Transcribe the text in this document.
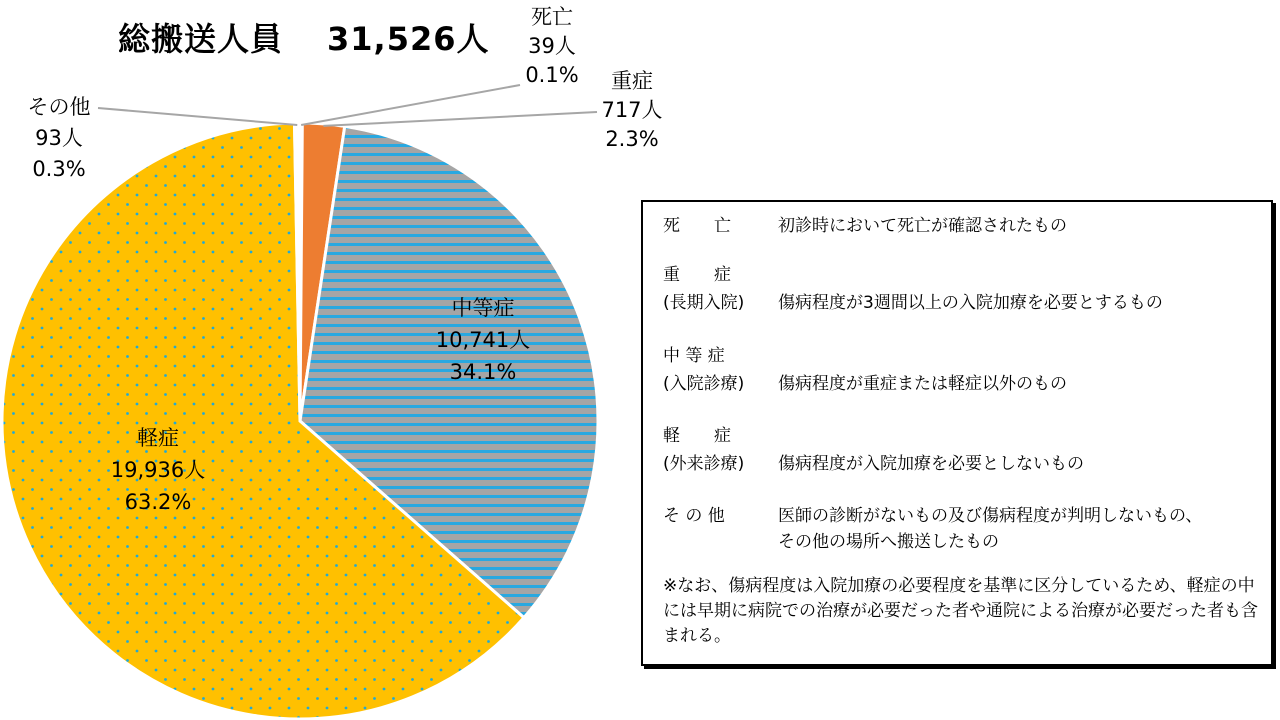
死亡
39人
0.1% 重症
717人
2.3%
中等症
10,741人
34.1%
軽症
19,936人
63.2%
その他
93人
0.3%
総搬送人員 31,526人
死　　亡	初診時において死亡が確認されたもの
重　　症
(長期入院) 傷病程度が3週間以上の入院加療を必要とするもの
中 等 症
(入院診療) 傷病程度が重症または軽症以外のもの
軽　　症
(外来診療) 傷病程度が入院加療を必要としないもの
そ の 他	医師の診断がないもの及び傷病程度が判明しないもの、
その他の場所へ搬送したもの
※なお、傷病程度は入院加療の必要程度を基準に区分しているため、軽症の中には早期に病院での治療が必要だった者や通院による治療が必要だった者も含まれる。
